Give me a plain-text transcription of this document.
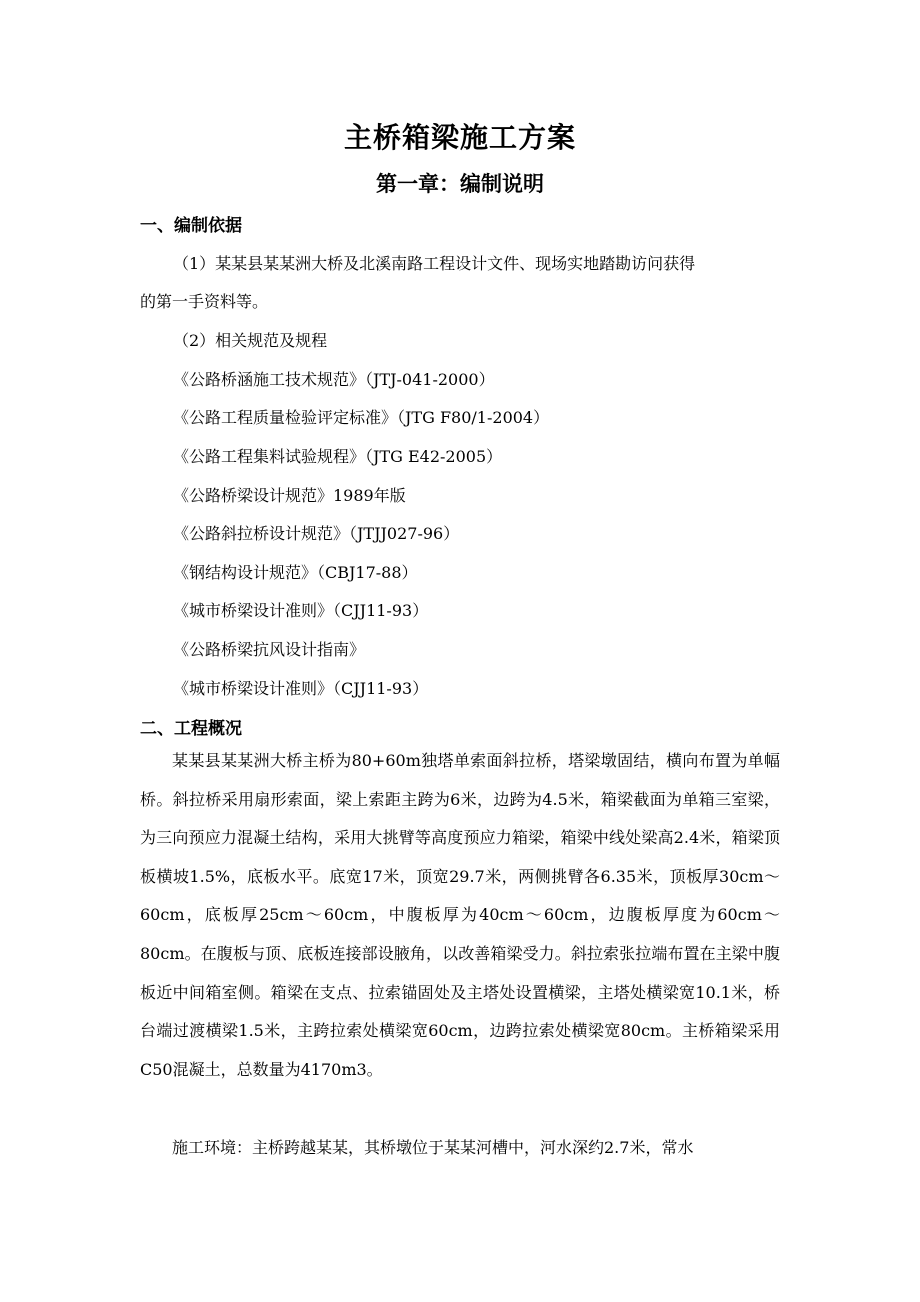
主桥箱梁施工方案
第一章：编制说明
一、编制依据
（1）某某县某某洲大桥及北溪南路工程设计文件、现场实地踏勘访问获得
的第一手资料等。
（2）相关规范及规程
《公路桥涵施工技术规范》（JTJ-041-2000）
《公路工程质量检验评定标准》（JTG F80/1-2004）
《公路工程集料试验规程》（JTG E42-2005）
《公路桥梁设计规范》1989年版
《公路斜拉桥设计规范》（JTJJ027-96）
《钢结构设计规范》（CBJ17-88）
《城市桥梁设计准则》（CJJ11-93）
《公路桥梁抗风设计指南》
《城市桥梁设计准则》（CJJ11-93）
二、工程概况
某某县某某洲大桥主桥为80+60m独塔单索面斜拉桥，塔梁墩固结，横向布置为单幅桥。斜拉桥采用扇形索面，梁上索距主跨为6米，边跨为4.5米，箱梁截面为单箱三室梁，为三向预应力混凝土结构，采用大挑臂等高度预应力箱梁，箱梁中线处梁高2.4米，箱梁顶板横坡1.5%，底板水平。底宽17米，顶宽29.7米，两侧挑臂各6.35米，顶板厚30cm～60cm，底板厚25cm～60cm，中腹板厚为40cm～60cm，边腹板厚度为60cm～80cm。在腹板与顶、底板连接部设腋角，以改善箱梁受力。斜拉索张拉端布置在主梁中腹板近中间箱室侧。箱梁在支点、拉索锚固处及主塔处设置横梁，主塔处横梁宽10.1米，桥台端过渡横梁1.5米，主跨拉索处横梁宽60cm，边跨拉索处横梁宽80cm。主桥箱梁采用C50混凝土，总数量为4170m3。
施工环境：主桥跨越某某，其桥墩位于某某河槽中，河水深约2.7米，常水
